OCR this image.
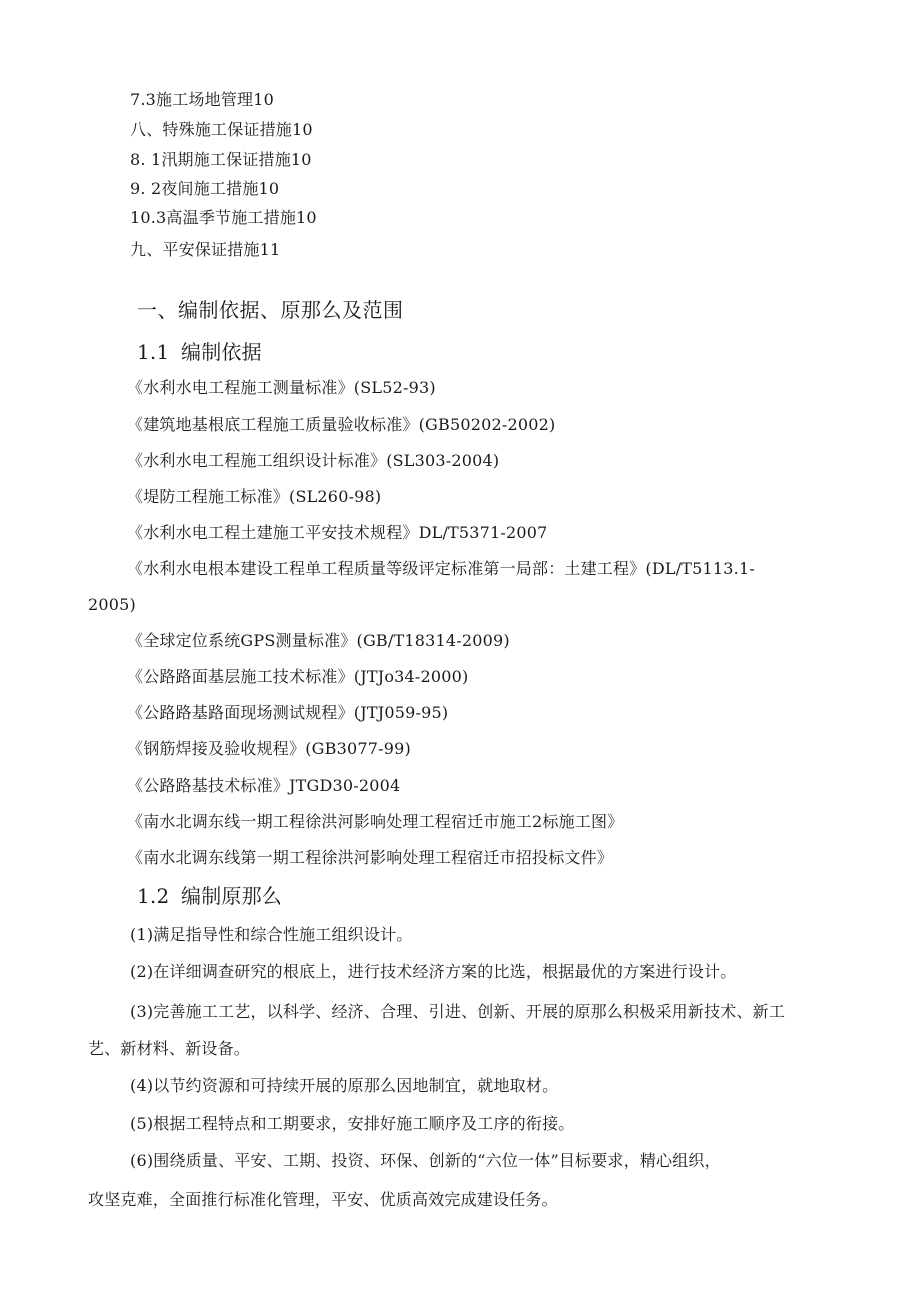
7.3施工场地管理10
八、特殊施工保证措施10
8. 1汛期施工保证措施10
9. 2夜间施工措施10
10.3高温季节施工措施10
九、平安保证措施11
一、编制依据、原那么及范围
1.1 编制依据
《水利水电工程施工测量标准》(SL52-93)
《建筑地基根底工程施工质量验收标准》(GB50202-2002)
《水利水电工程施工组织设计标准》(SL303-2004)
《堤防工程施工标准》(SL260-98)
《水利水电工程土建施工平安技术规程》DL/T5371-2007
《水利水电根本建设工程单工程质量等级评定标准第一局部：土建工程》(DL/T5113.1-
2005)
《全球定位系统GPS测量标准》(GB/T18314-2009)
《公路路面基层施工技术标准》(JTJo34-2000)
《公路路基路面现场测试规程》(JTJ059-95)
《钢筋焊接及验收规程》(GB3077-99)
《公路路基技术标准》JTGD30-2004
《南水北调东线一期工程徐洪河影响处理工程宿迁市施工2标施工图》
《南水北调东线第一期工程徐洪河影响处理工程宿迁市招投标文件》
1.2 编制原那么
(1)满足指导性和综合性施工组织设计。
(2)在详细调查研究的根底上，进行技术经济方案的比选，根据最优的方案进行设计。
(3)完善施工工艺，以科学、经济、合理、引进、创新、开展的原那么积极采用新技术、新工
艺、新材料、新设备。
(4)以节约资源和可持续开展的原那么因地制宜，就地取材。
(5)根据工程特点和工期要求，安排好施工顺序及工序的衔接。
(6)围绕质量、平安、工期、投资、环保、创新的“六位一体”目标要求，精心组织，
攻坚克难，全面推行标准化管理，平安、优质高效完成建设任务。
